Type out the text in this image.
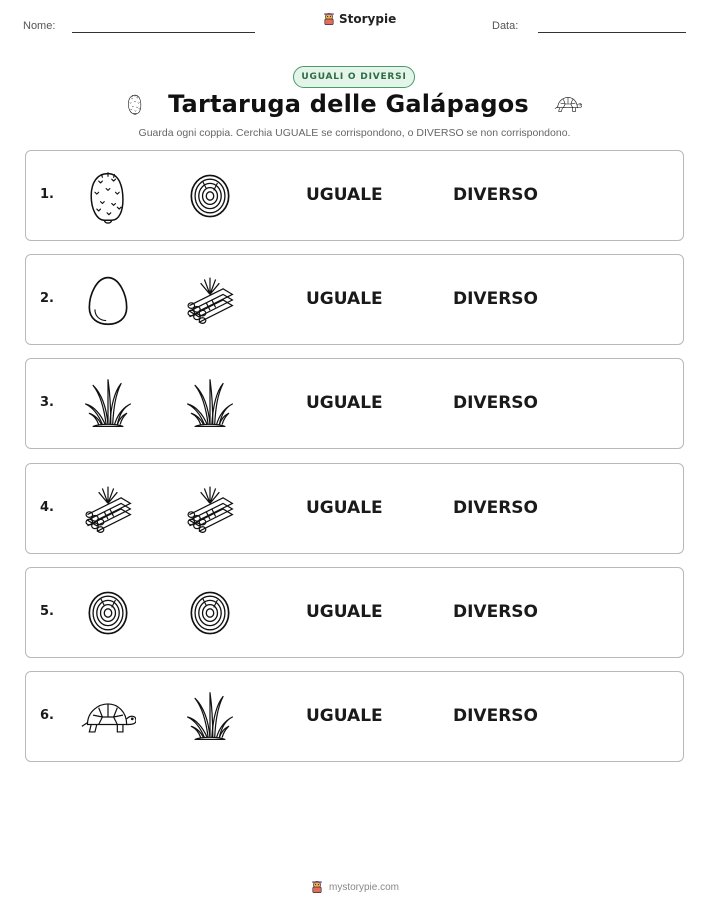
Nome:	Storypie	Data:
UGUALI O DIVERSI
Tartaruga delle Galápagos
Guarda ogni coppia. Cerchia UGUALE se corrispondono, o DIVERSO se non corrispondono.
1.	UGUALE	DIVERSO
2.	UGUALE	DIVERSO
3.	UGUALE	DIVERSO
4.	UGUALE	DIVERSO
5.	UGUALE	DIVERSO
6.	UGUALE	DIVERSO
mystorypie.com
